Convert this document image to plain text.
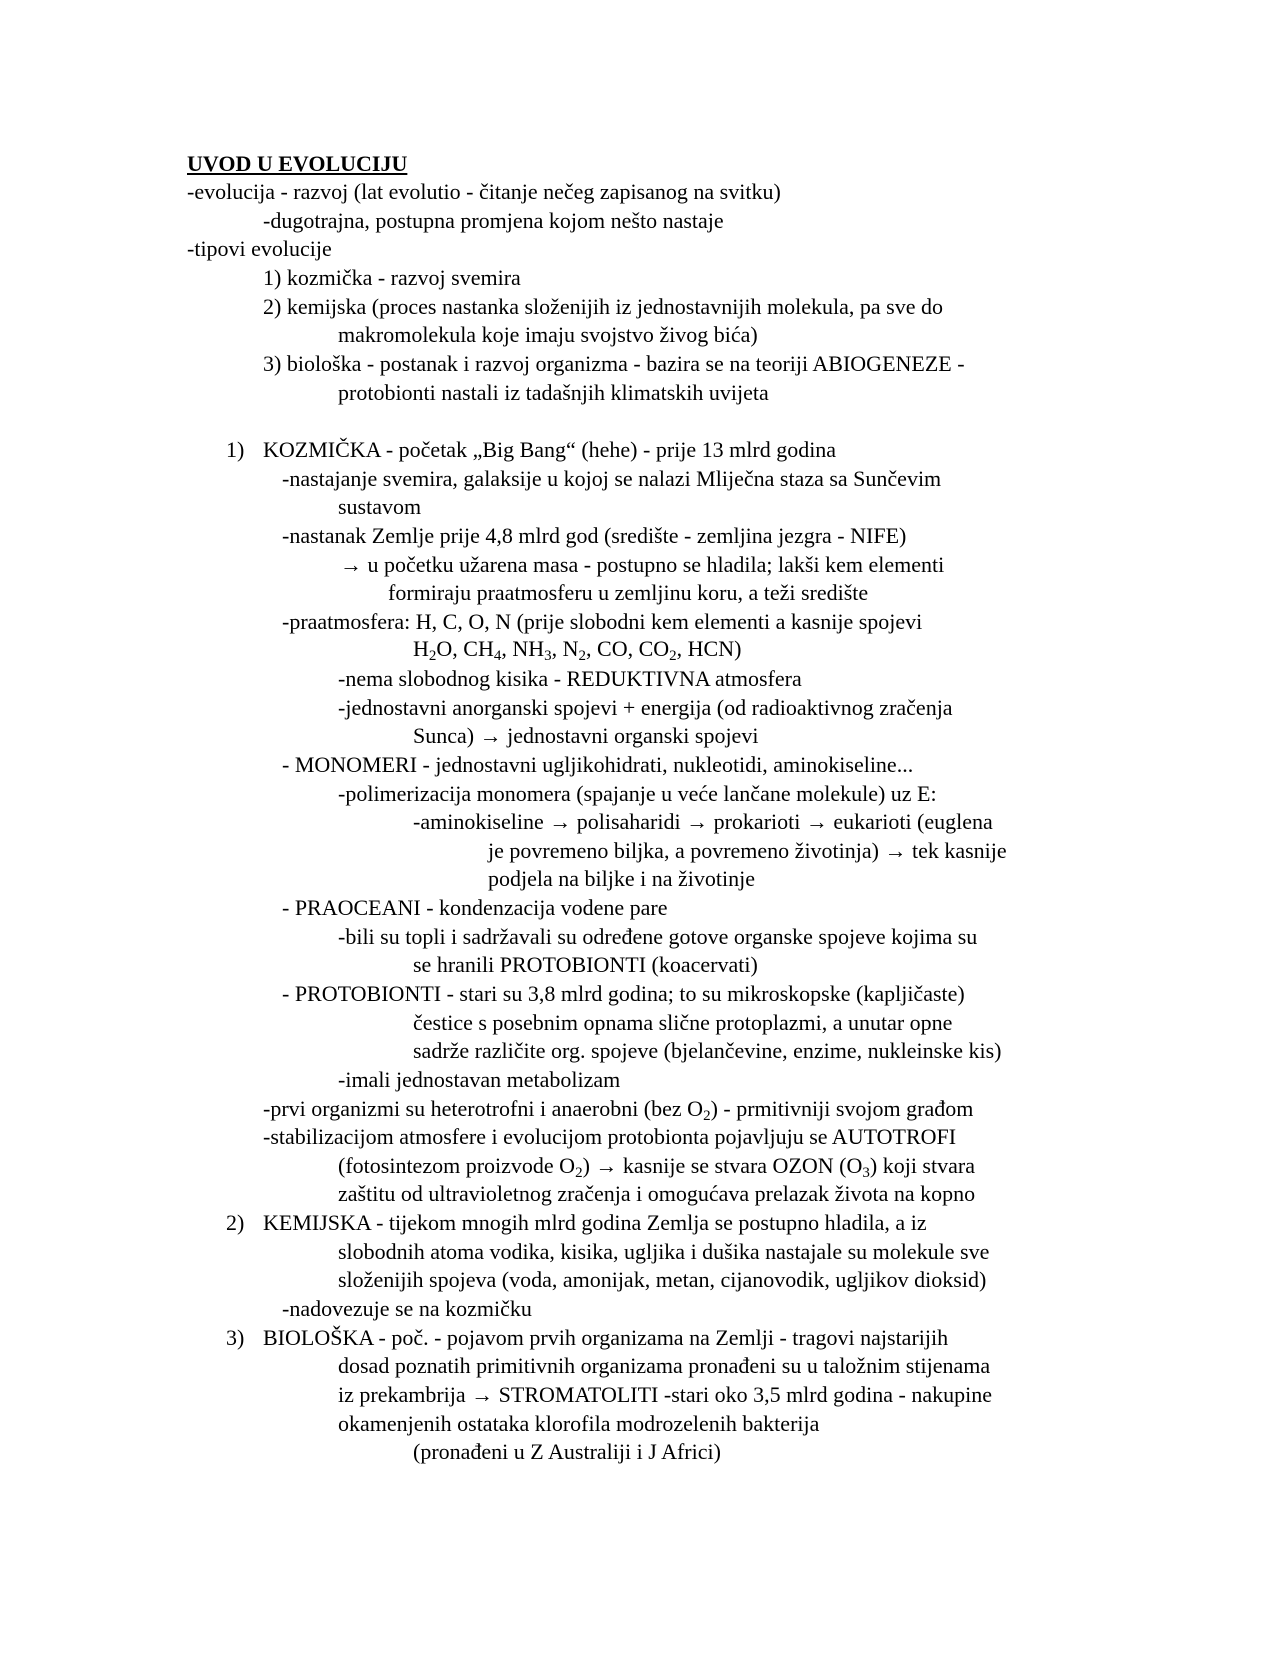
UVOD U EVOLUCIJU
-evolucija - razvoj (lat evolutio - čitanje nečeg zapisanog na svitku)
-dugotrajna, postupna promjena kojom nešto nastaje
-tipovi evolucije
1) kozmička - razvoj svemira
2) kemijska (proces nastanka složenijih iz jednostavnijih molekula, pa sve do
makromolekula koje imaju svojstvo živog bića)
3) biološka - postanak i razvoj organizma - bazira se na teoriji ABIOGENEZE -
protobionti nastali iz tadašnjih klimatskih uvijeta
1) KOZMIČKA - početak „Big Bang“ (hehe) - prije 13 mlrd godina
-nastajanje svemira, galaksije u kojoj se nalazi Mliječna staza sa Sunčevim
sustavom
-nastanak Zemlje prije 4,8 mlrd god (središte - zemljina jezgra - NIFE)
→ u početku užarena masa - postupno se hladila; lakši kem elementi
formiraju praatmosferu u zemljinu koru, a teži središte
-praatmosfera: H, C, O, N (prije slobodni kem elementi a kasnije spojevi
$H_2O$, $CH_4$, $NH_3$, $N_2$, CO, $CO_2$, HCN)
-nema slobodnog kisika - REDUKTIVNA atmosfera
-jednostavni anorganski spojevi + energija (od radioaktivnog zračenja
Sunca) → jednostavni organski spojevi
- MONOMERI - jednostavni ugljikohidrati, nukleotidi, aminokiseline...
-polimerizacija monomera (spajanje u veće lančane molekule) uz E:
-aminokiseline → polisaharidi → prokarioti → eukarioti (euglena
je povremeno biljka, a povremeno životinja) → tek kasnije
podjela na biljke i na životinje
- PRAOCEANI - kondenzacija vodene pare
-bili su topli i sadržavali su određene gotove organske spojeve kojima su
se hranili PROTOBIONTI (koacervati)
- PROTOBIONTI - stari su 3,8 mlrd godina; to su mikroskopske (kapljičaste)
čestice s posebnim opnama slične protoplazmi, a unutar opne
sadrže različite org. spojeve (bjelančevine, enzime, nukleinske kis)
-imali jednostavan metabolizam
-prvi organizmi su heterotrofni i anaerobni (bez $O_2$) - prmitivniji svojom građom
-stabilizacijom atmosfere i evolucijom protobionta pojavljuju se AUTOTROFI
(fotosintezom proizvode $O_2$) → kasnije se stvara OZON $(O_3)$ koji stvara
zaštitu od ultravioletnog zračenja i omogućava prelazak života na kopno
2) KEMIJSKA - tijekom mnogih mlrd godina Zemlja se postupno hladila, a iz
slobodnih atoma vodika, kisika, ugljika i dušika nastajale su molekule sve
složenijih spojeva (voda, amonijak, metan, cijanovodik, ugljikov dioksid)
-nadovezuje se na kozmičku
3) BIOLOŠKA - poč. - pojavom prvih organizama na Zemlji - tragovi najstarijih
dosad poznatih primitivnih organizama pronađeni su u taložnim stijenama
iz prekambrija → STROMATOLITI -stari oko 3,5 mlrd godina - nakupine
okamenjenih ostataka klorofila modrozelenih bakterija
(pronađeni u Z Australiji i J Africi)
